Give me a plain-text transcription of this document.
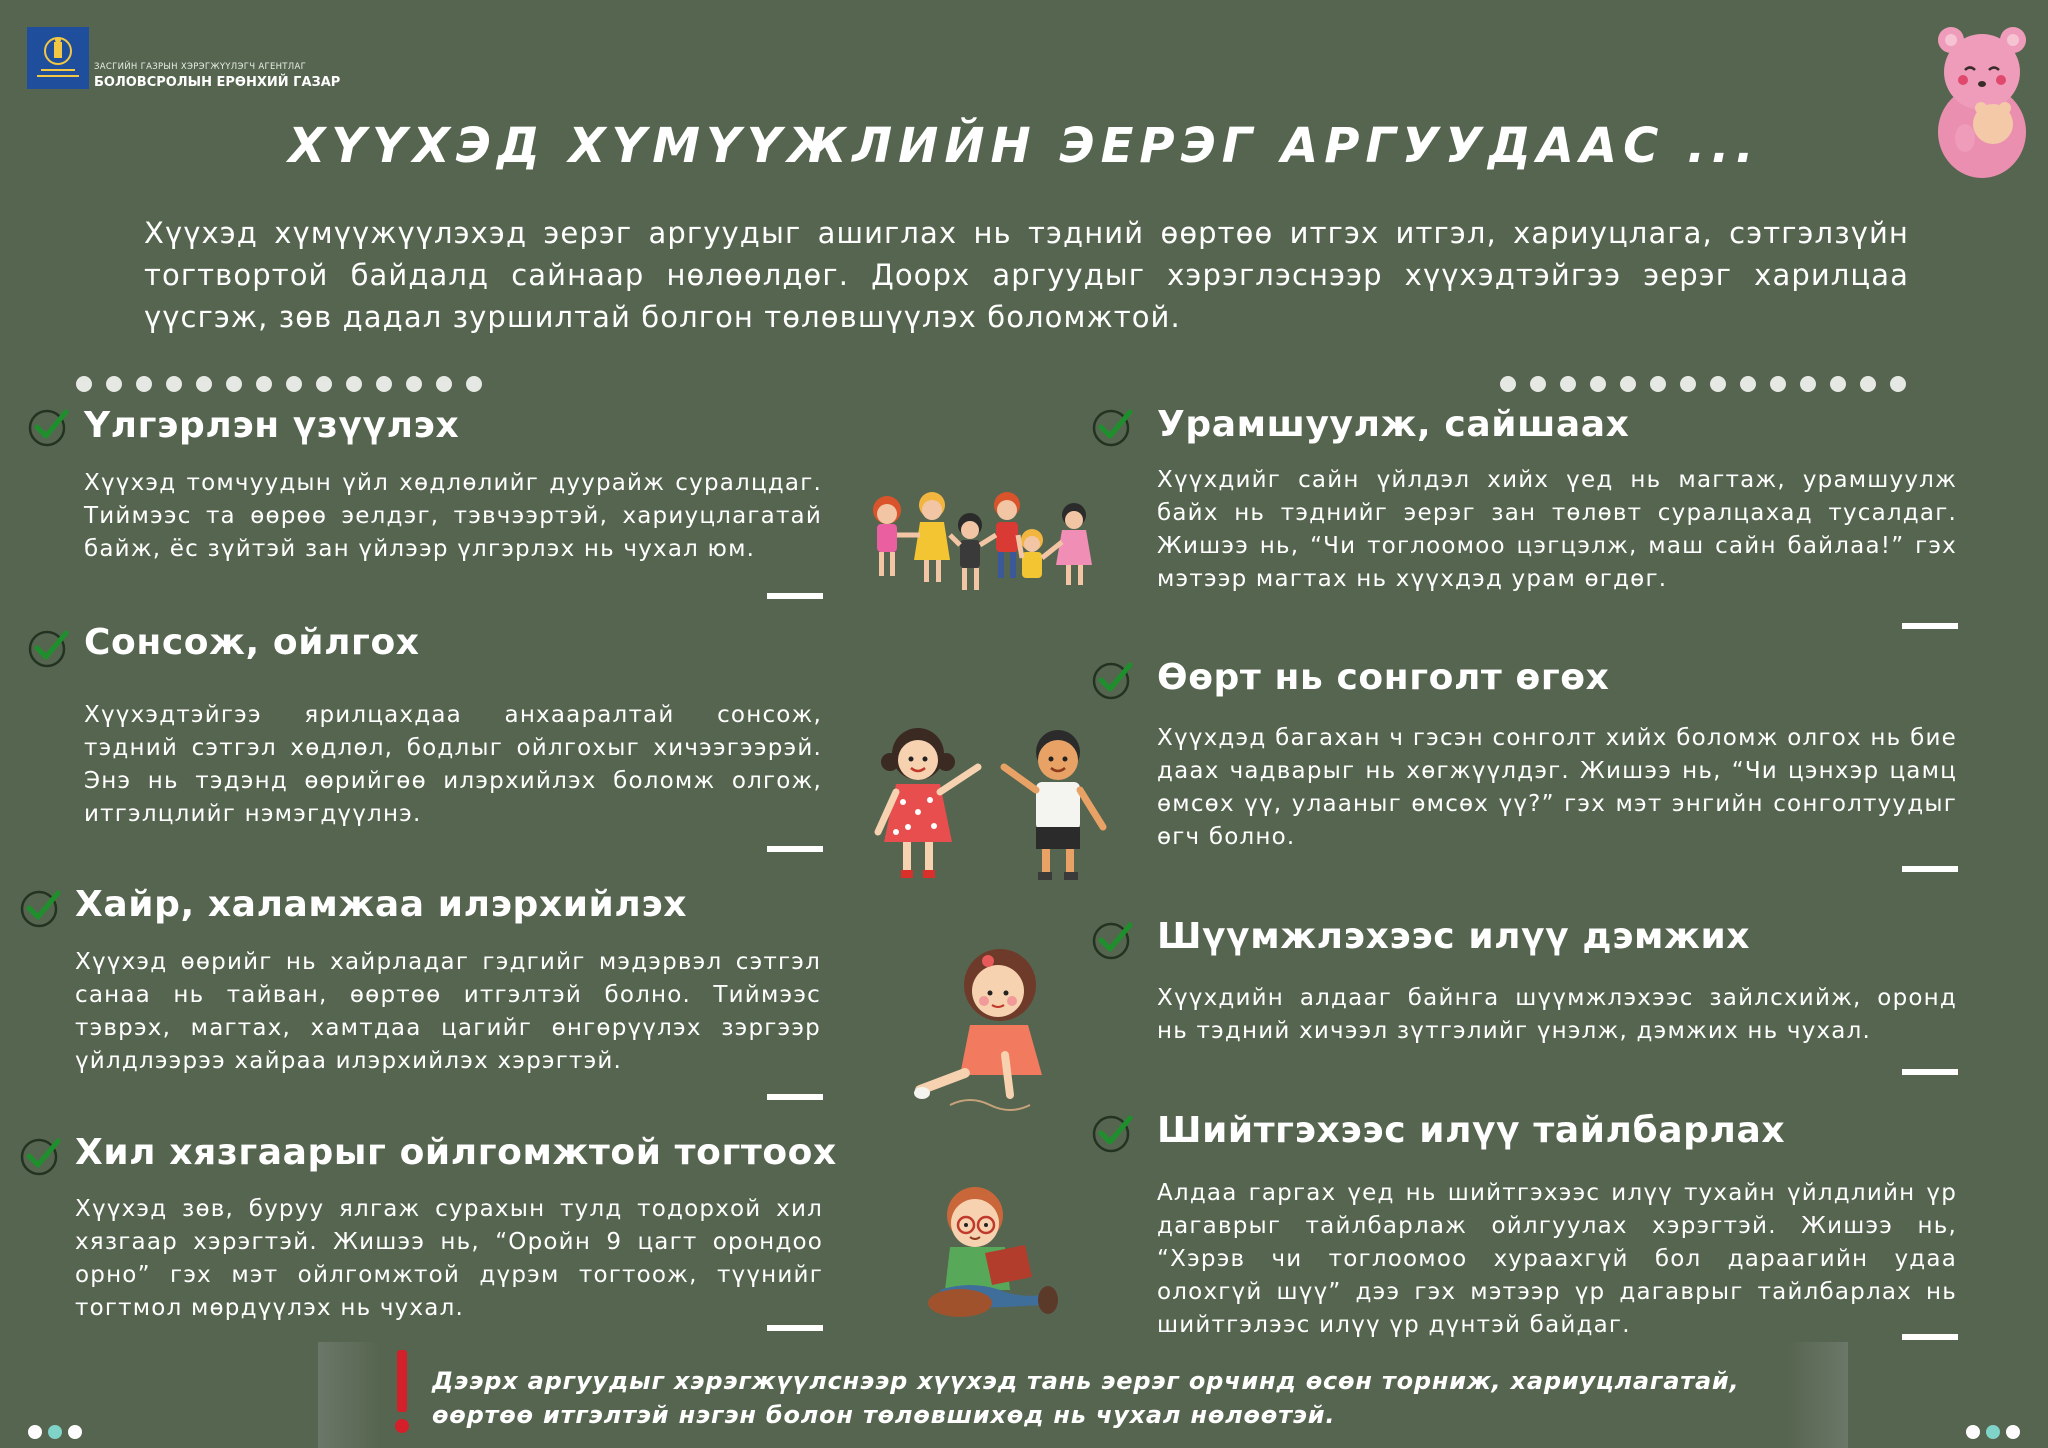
ЗАСГИЙН ГАЗРЫН ХЭРЭГЖҮҮЛЭГЧ АГЕНТЛАГ
БОЛОВСРОЛЫН ЕРӨНХИЙ ГАЗАР
ХҮҮХЭД ХҮМҮҮЖЛИЙН ЭЕРЭГ АРГУУДААС ...
Хүүхэд хүмүүжүүлэхэд эерэг аргуудыг ашиглах нь тэдний өөртөө итгэх итгэл, хариуцлага, сэтгэлзүйн тогтвортой байдалд сайнаар нөлөөлдөг. Доорх аргуудыг хэрэглэснээр хүүхэдтэйгээ эерэг харилцаа үүсгэж, зөв дадал зуршилтай болгон төлөвшүүлэх боломжтой.
Үлгэрлэн үзүүлэх
Хүүхэд томчуудын үйл хөдлөлийг дуурайж суралцдаг. Тиймээс та өөрөө эелдэг, тэвчээртэй, хариуцлагатай байж, ёс зүйтэй зан үйлээр үлгэрлэх нь чухал юм.
Сонсож, ойлгох
Хүүхэдтэйгээ ярилцахдаа анхааралтай сонсож, тэдний сэтгэл хөдлөл, бодлыг ойлгохыг хичээгээрэй. Энэ нь тэдэнд өөрийгөө илэрхийлэх боломж олгож, итгэлцлийг нэмэгдүүлнэ.
Хайр, халамжаа илэрхийлэх
Хүүхэд өөрийг нь хайрладаг гэдгийг мэдэрвэл сэтгэл санаа нь тайван, өөртөө итгэлтэй болно. Тиймээс тэврэх, магтах, хамтдаа цагийг өнгөрүүлэх зэргээр үйлдлээрээ хайраа илэрхийлэх хэрэгтэй.
Хил хязгаарыг ойлгомжтой тогтоох
Хүүхэд зөв, буруу ялгаж сурахын тулд тодорхой хил хязгаар хэрэгтэй. Жишээ нь, “Оройн 9 цагт орондоо орно” гэх мэт ойлгомжтой дүрэм тогтоож, түүнийг тогтмол мөрдүүлэх нь чухал.
Урамшуулж, сайшаах
Хүүхдийг сайн үйлдэл хийх үед нь магтаж, урамшуулж байх нь тэднийг эерэг зан төлөвт суралцахад тусалдаг. Жишээ нь, “Чи тоглоомоо цэгцэлж, маш сайн байлаа!” гэх мэтээр магтах нь хүүхдэд урам өгдөг.
Өөрт нь сонголт өгөх
Хүүхдэд багахан ч гэсэн сонголт хийх боломж олгох нь бие даах чадварыг нь хөгжүүлдэг. Жишээ нь, “Чи цэнхэр цамц өмсөх үү, улааныг өмсөх үү?” гэх мэт энгийн сонголтуудыг өгч болно.
Шүүмжлэхээс илүү дэмжих
Хүүхдийн алдааг байнга шүүмжлэхээс зайлсхийж, оронд нь тэдний хичээл зүтгэлийг үнэлж, дэмжих нь чухал.
Шийтгэхээс илүү тайлбарлах
Алдаа гаргах үед нь шийтгэхээс илүү тухайн үйлдлийн үр дагаврыг тайлбарлаж ойлгуулах хэрэгтэй. Жишээ нь, “Хэрэв чи тоглоомоо хураахгүй бол дараагийн удаа олохгүй шүү” дээ гэх мэтээр үр дагаврыг тайлбарлах нь шийтгэлээс илүү үр дүнтэй байдаг.
Дээрх аргуудыг хэрэгжүүлснээр хүүхэд тань эерэг орчинд өсөн торниж, хариуцлагатай, өөртөө итгэлтэй нэгэн болон төлөвшихөд нь чухал нөлөөтэй.
